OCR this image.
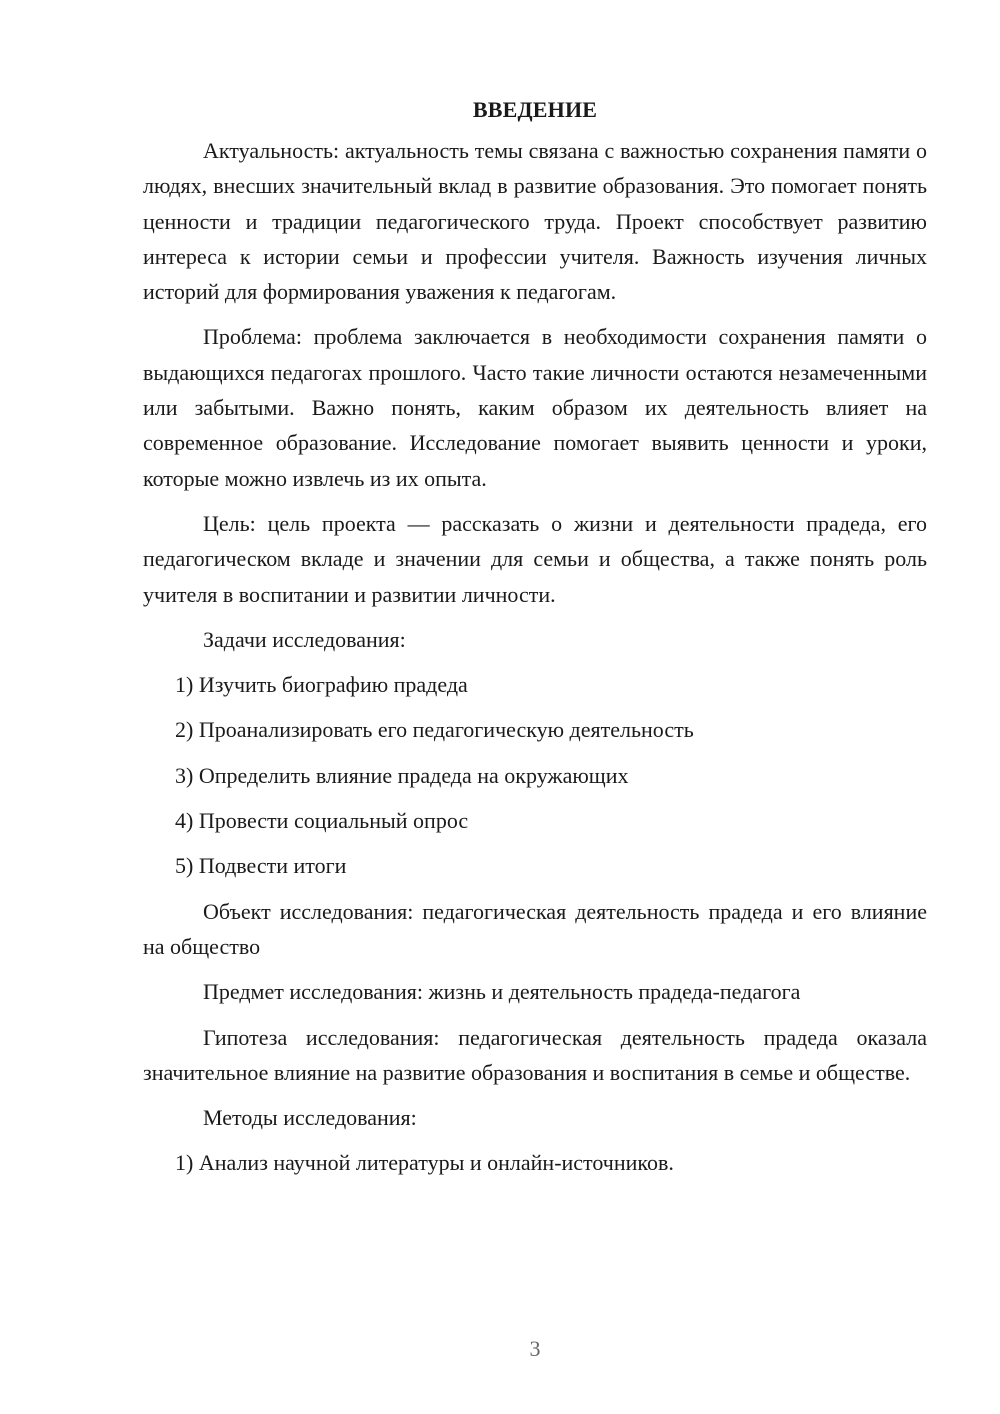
ВВЕДЕНИЕ

Актуальность: актуальность темы связана с важностью сохранения памяти о людях, внесших значительный вклад в развитие образования. Это помогает понять ценности и традиции педагогического труда. Проект способствует развитию интереса к истории семьи и профессии учителя. Важность изучения личных историй для формирования уважения к педагогам.

Проблема: проблема заключается в необходимости сохранения памяти о выдающихся педагогах прошлого. Часто такие личности остаются незамеченными или забытыми. Важно понять, каким образом их деятельность влияет на современное образование. Исследование помогает выявить ценности и уроки, которые можно извлечь из их опыта.

Цель: цель проекта — рассказать о жизни и деятельности прадеда, его педагогическом вкладе и значении для семьи и общества, а также понять роль учителя в воспитании и развитии личности.

Задачи исследования:
1) Изучить биографию прадеда
2) Проанализировать его педагогическую деятельность
3) Определить влияние прадеда на окружающих
4) Провести социальный опрос
5) Подвести итоги

Объект исследования: педагогическая деятельность прадеда и его влияние на общество

Предмет исследования: жизнь и деятельность прадеда-педагога

Гипотеза исследования: педагогическая деятельность прадеда оказала значительное влияние на развитие образования и воспитания в семье и обществе.

Методы исследования:
1) Анализ научной литературы и онлайн-источников.
3
